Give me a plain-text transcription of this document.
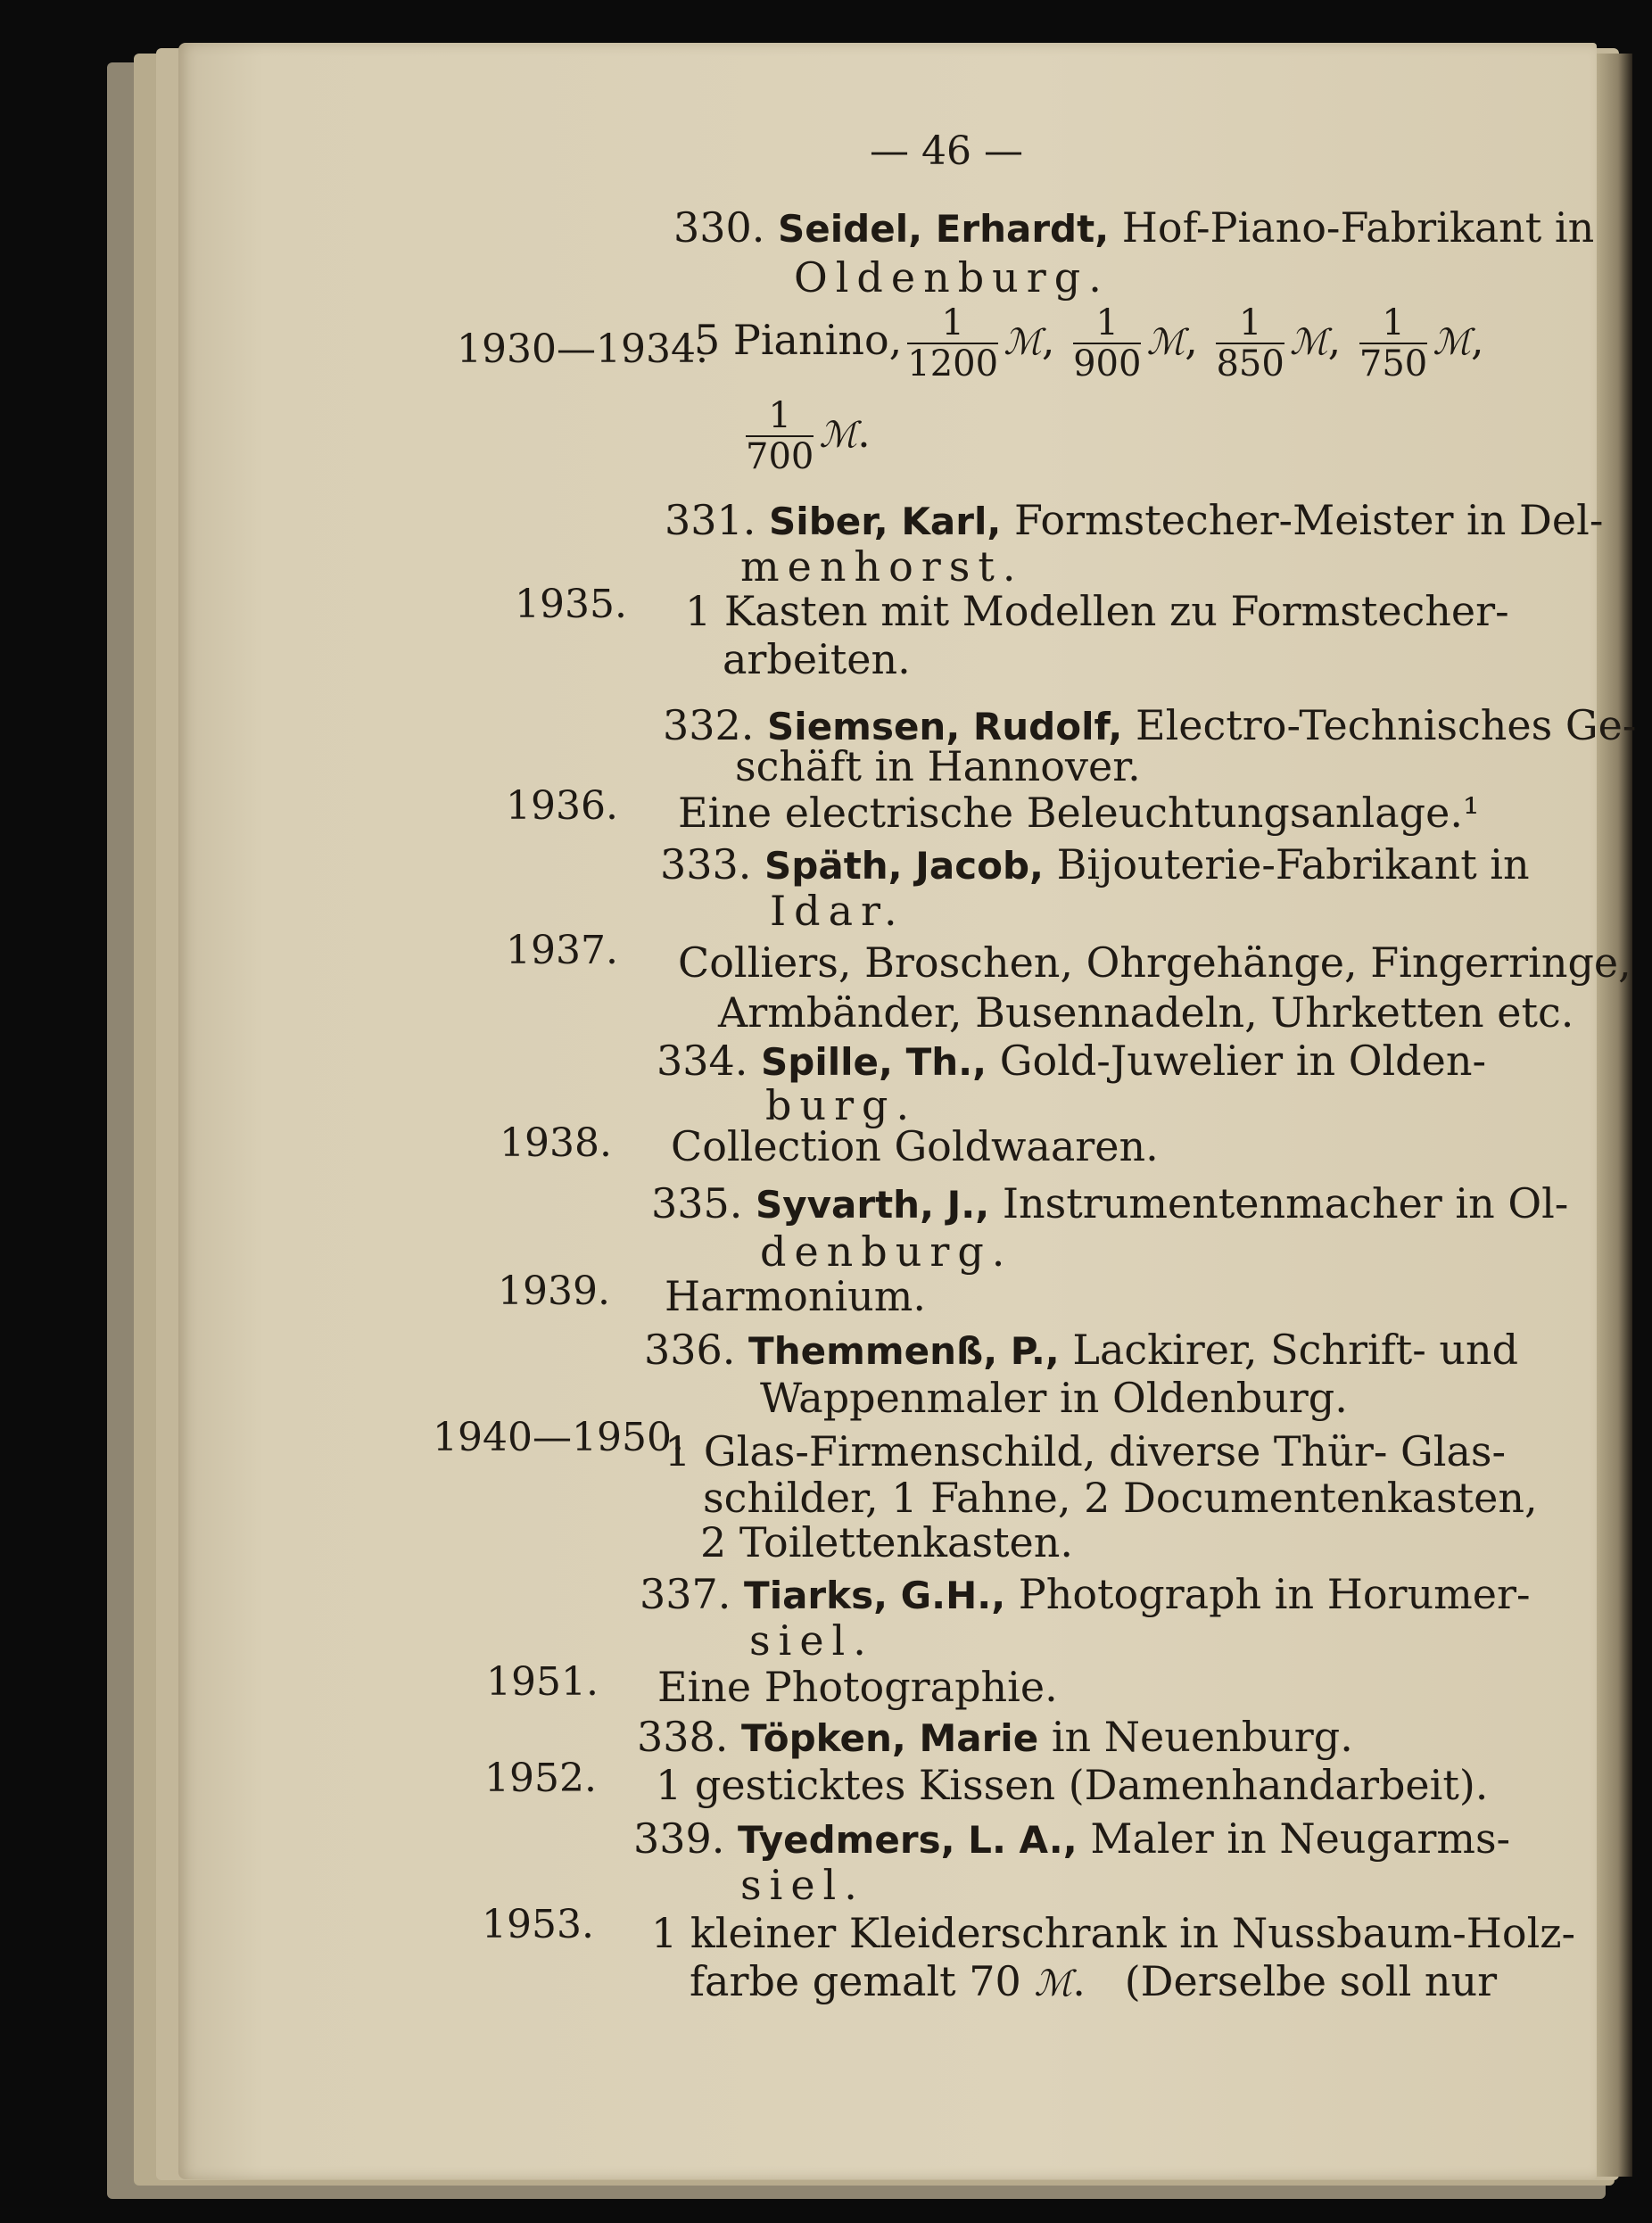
— 46 —
330. Seidel, Erhardt, Hof-Piano-Fabrikant in
Oldenburg.
1930—1934.
5 Pianino, $\frac{1}{1200}$ ℳ, $\frac{1}{900}$ ℳ, $\frac{1}{850}$ ℳ, $\frac{1}{750}$ ℳ,
$\frac{1}{700}$ ℳ.
331. Siber, Karl, Formstecher-Meister in Del-
menhorst.
1935. 1 Kasten mit Modellen zu Formstecher-
arbeiten.
332. Siemsen, Rudolf, Electro-Technisches Ge-
schäft in Hannover.
1936. Eine electrische Beleuchtungsanlage.¹
333. Späth, Jacob, Bijouterie-Fabrikant in
Idar.
1937. Colliers, Broschen, Ohrgehänge, Fingerringe,
Armbänder, Busennadeln, Uhrketten etc.
334. Spille, Th., Gold-Juwelier in Olden-
burg.
1938. Collection Goldwaaren.
335. Syvarth, J., Instrumentenmacher in Ol-
denburg.
1939. Harmonium.
336. Themmenß, P., Lackirer, Schrift- und
Wappenmaler in Oldenburg.
1940—1950.
1 Glas-Firmenschild, diverse Thür- Glas-
schilder, 1 Fahne, 2 Documentenkasten,
2 Toilettenkasten.
337. Tiarks, G.H., Photograph in Horumer-
siel.
1951. Eine Photographie.
338. Töpken, Marie in Neuenburg.
1952. 1 gesticktes Kissen (Damenhandarbeit).
339. Tyedmers, L. A., Maler in Neugarms-
siel.
1953. 1 kleiner Kleiderschrank in Nussbaum-Holz-
farbe gemalt 70 ℳ.   (Derselbe soll nur
